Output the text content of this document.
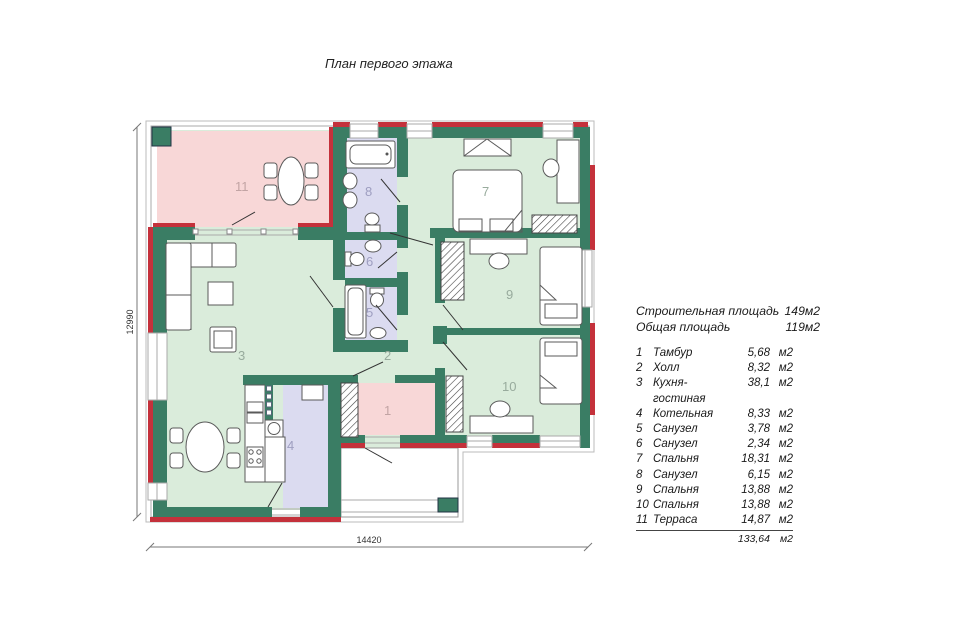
План первого этажа
1
2
3
4
5
6
7
8
9
10
11
14420
12990	Строительная площадь 149м2
Общая площадь	119м2
1 Тамбур	5,68 м2
2 Холл	8,32 м2
3 Кухня-гостиная
38,1 м2
4 Котельная	8,33 м2
5 Санузел	3,78 м2
6 Санузел	2,34 м2
7 Спальня	18,31 м2
8 Санузел	6,15 м2
9 Спальня	13,88 м2
10 Спальня	13,88 м2
11 Терраса	14,87 м2
133,64 м2
